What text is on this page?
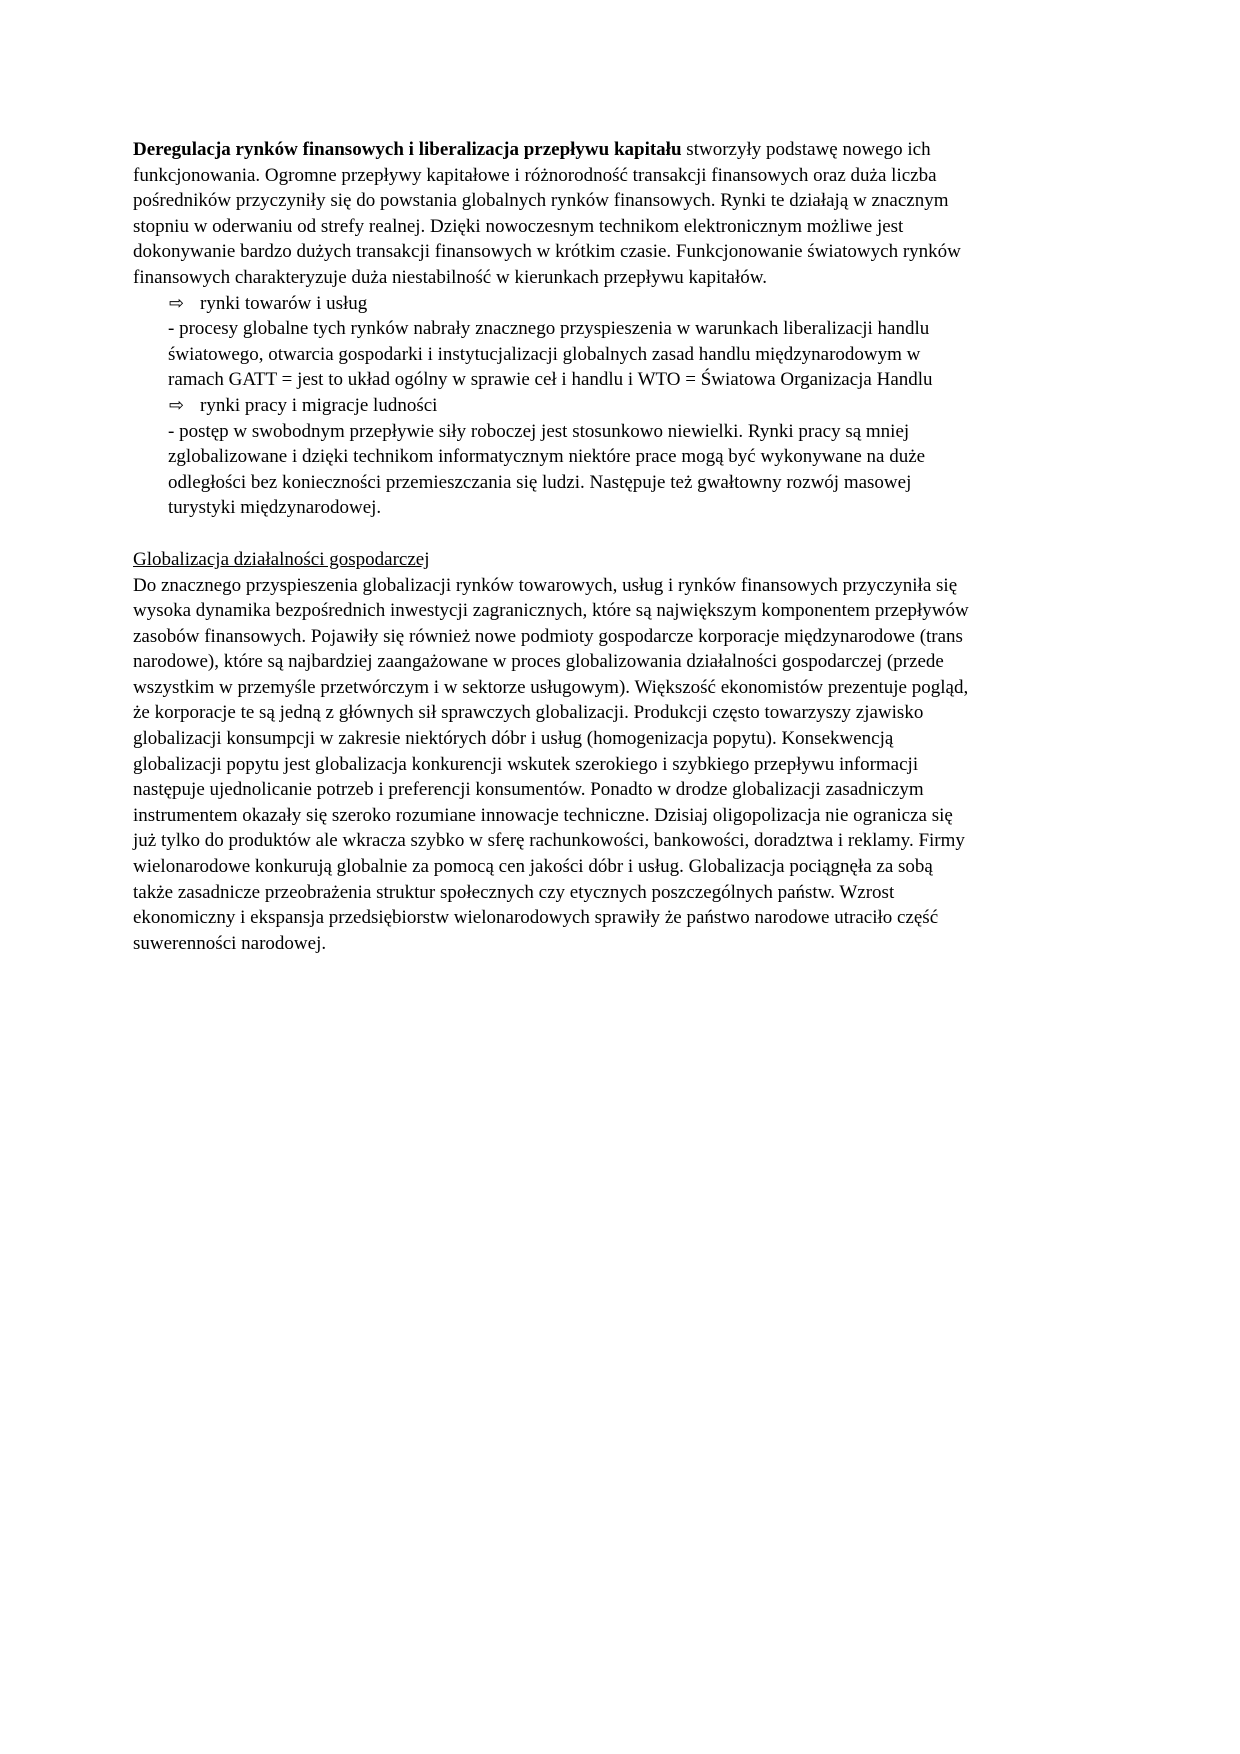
Deregulacja rynków finansowych i liberalizacja przepływu kapitału stworzyły podstawę nowego ich funkcjonowania. Ogromne przepływy kapitałowe i różnorodność transakcji finansowych oraz duża liczba pośredników przyczyniły się do powstania globalnych rynków finansowych. Rynki te działają w znacznym stopniu w oderwaniu od strefy realnej. Dzięki nowoczesnym technikom elektronicznym możliwe jest dokonywanie bardzo dużych transakcji finansowych w krótkim czasie. Funkcjonowanie światowych rynków finansowych charakteryzuje duża niestabilność w kierunkach przepływu kapitałów.

⇨ rynki towarów i usług
- procesy globalne tych rynków nabrały znacznego przyspieszenia w warunkach liberalizacji handlu światowego, otwarcia gospodarki i instytucjalizacji globalnych zasad handlu międzynarodowym w ramach GATT = jest to układ ogólny w sprawie ceł i handlu i WTO = Światowa Organizacja Handlu
⇨ rynki pracy i migracje ludności
- postęp w swobodnym przepływie siły roboczej jest stosunkowo niewielki. Rynki pracy są mniej zglobalizowane i dzięki technikom informatycznym niektóre prace mogą być wykonywane na duże odległości bez konieczności przemieszczania się ludzi. Następuje też gwałtowny rozwój masowej turystyki międzynarodowej.

Globalizacja działalności gospodarczej

Do znacznego przyspieszenia globalizacji rynków towarowych, usług i rynków finansowych przyczyniła się wysoka dynamika bezpośrednich inwestycji zagranicznych, które są największym komponentem przepływów zasobów finansowych. Pojawiły się również nowe podmioty gospodarcze korporacje międzynarodowe (trans narodowe), które są najbardziej zaangażowane w proces globalizowania działalności gospodarczej (przede wszystkim w przemyśle przetwórczym i w sektorze usługowym). Większość ekonomistów prezentuje pogląd, że korporacje te są jedną z głównych sił sprawczych globalizacji. Produkcji często towarzyszy zjawisko globalizacji konsumpcji w zakresie niektórych dóbr i usług (homogenizacja popytu). Konsekwencją globalizacji popytu jest globalizacja konkurencji wskutek szerokiego i szybkiego przepływu informacji następuje ujednolicanie potrzeb i preferencji konsumentów. Ponadto w drodze globalizacji zasadniczym instrumentem okazały się szeroko rozumiane innowacje techniczne. Dzisiaj oligopolizacja nie ogranicza się już tylko do produktów ale wkracza szybko w sferę rachunkowości, bankowości, doradztwa i reklamy. Firmy wielonarodowe konkurują globalnie za pomocą cen jakości dóbr i usług. Globalizacja pociągnęła za sobą także zasadnicze przeobrażenia struktur społecznych czy etycznych poszczególnych państw. Wzrost ekonomiczny i ekspansja przedsiębiorstw wielonarodowych sprawiły że państwo narodowe utraciło część suwerenności narodowej.
